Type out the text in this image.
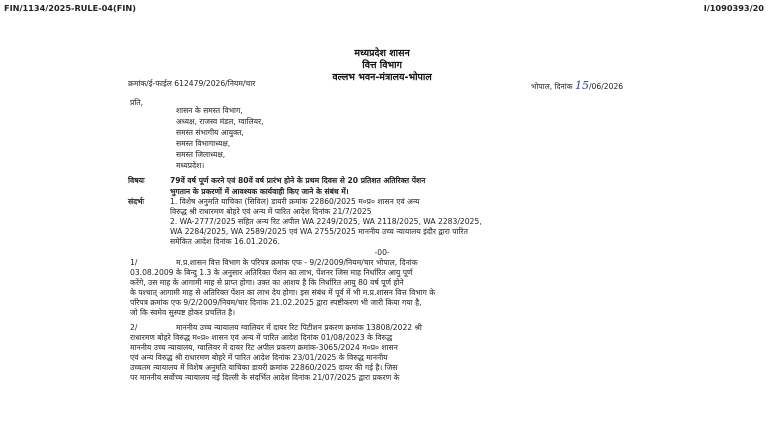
FIN/1134/2025-RULE-04(FIN)	I/1090393/20
मध्यप्रदेश शासन
वित्त विभाग
वल्लभ भवन-मंत्रालय-भोपाल
क्रमांक/ई-फाईल 612479/2026/नियम/चार	भोपाल, दिनांक 15/06/2026
प्रति,
शासन के समस्त विभाग,
अध्यक्ष, राजस्व मंडल, ग्वालियर,
समस्त संभागीय आयुक्त,
समस्त विभागाध्यक्ष,
समस्त जिलाध्यक्ष,
मध्यप्रदेश।
विषयः	79वें वर्ष पूर्ण करने एवं 80वें वर्ष प्रारंभ होने के प्रथम दिवस से 20 प्रतिशत अतिरिक्त पेंशन
भुगतान के प्रकरणों में आवश्यक कार्यवाही किए जाने के संबंध में।
संदर्भः	1. विशेष अनुमति याचिका (सिविल) डायरी क्रमांक 22860/2025 म०प्र० शासन एवं अन्य
विरुद्ध श्री राधारमण बोहरे एवं अन्य में पारित आदेश दिनांक 21/7/2025
2. WA-2777/2025 सहित अन्य रिट अपील WA 2249/2025, WA 2118/2025, WA 2283/2025,
WA 2284/2025, WA 2589/2025 एवं WA 2755/2025 माननीय उच्च न्यायालय इंदौर द्वारा पारित
समेकित आदेश दिनांक 16.01.2026.
-00-
1/	म.प्र.शासन वित्त विभाग के परिपत्र क्रमांक एफ - 9/2/2009/नियम/चार भोपाल, दिनांक
03.08.2009 के बिन्दु 1.3 के अनुसार अतिरिक्त पेंशन का लाभ, पेंशनर जिस माह निर्धारित आयु पूर्ण
करेंगे, उस माह के आगामी माह से प्राप्त होगा। उक्त का आशय है कि निर्धारित आयु 80 वर्ष पूर्ण होने
के पश्चात् आगामी माह से अतिरिक्त पेंशन का लाभ देय होगा। इस संबंध में पूर्व में भी म.प्र.शासन वित्त विभाग के
परिपत्र क्रमांक एफ 9/2/2009/नियम/चार दिनांक 21.02.2025 द्वारा स्पष्टीकरण भी जारी किया गया है,
जो कि स्वमेव सुस्पष्ट होकर प्रचलित है।
2/	माननीय उच्च न्यायालय ग्वालियर में दायर रिट पिटीशन प्रकरण क्रमांक 13808/2022 श्री
राधारमण बोहरे विरुद्ध म०प्र० शासन एवं अन्य में पारित आदेश दिनांक 01/08/2023 के विरुद्ध
माननीय उच्च न्यायालय, ग्वालियर में दायर रिट अपील प्रकरण क्रमांक-3065/2024 म०प्र० शासन
एवं अन्य विरुद्ध श्री राधारमण बोहरे में पारित आदेश दिनांक 23/01/2025 के विरुद्ध माननीय
उच्चतम न्यायालय में विशेष अनुमति याचिका डायरी क्रमांक 22860/2025 दायर की गई है। जिस
पर माननीय सर्वोच्च न्यायालय नई दिल्ली के संदर्भित आदेश दिनांक 21/07/2025 द्वारा प्रकरण के
